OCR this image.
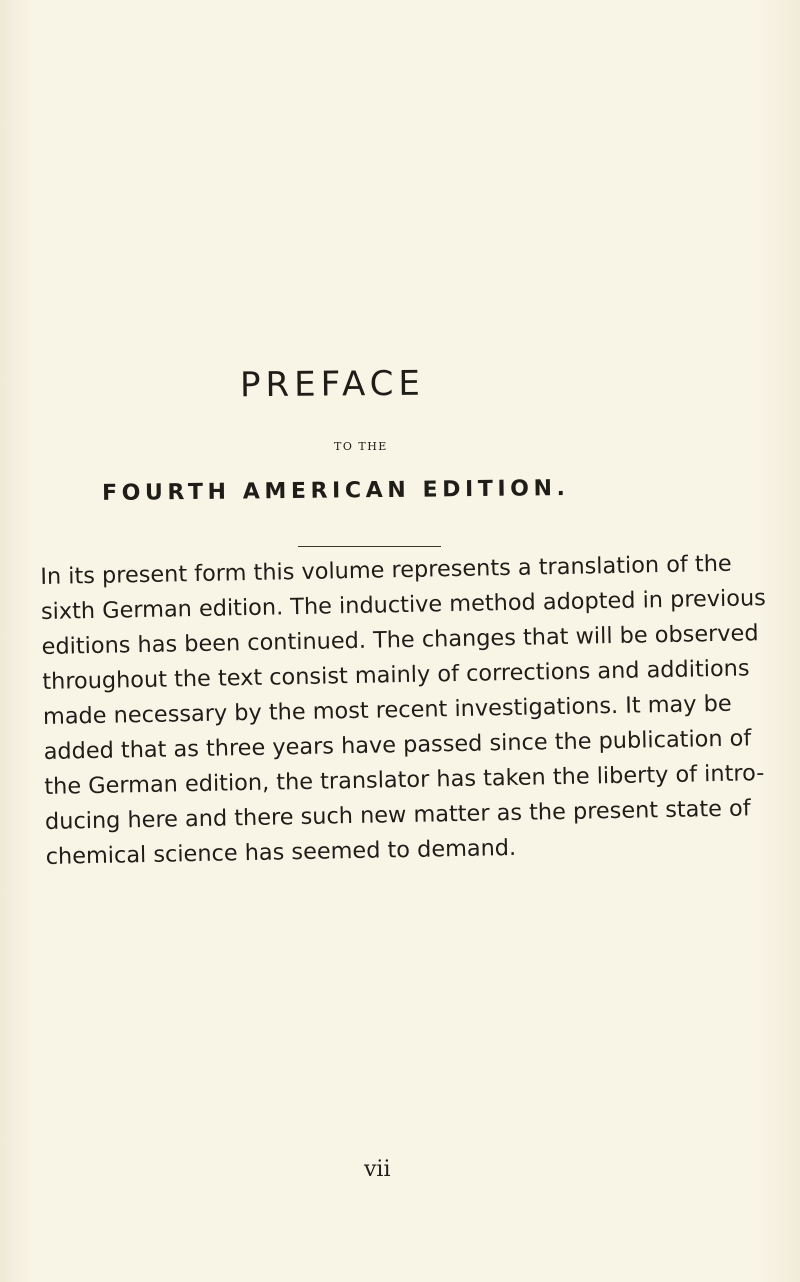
PREFACE

TO THE

FOURTH AMERICAN EDITION.
In its present form this volume represents a translation of the
sixth German edition. The inductive method adopted in previous
editions has been continued. The changes that will be observed
throughout the text consist mainly of corrections and additions
made necessary by the most recent investigations. It may be
added that as three years have passed since the publication of
the German edition, the translator has taken the liberty of intro-
ducing here and there such new matter as the present state of
chemical science has seemed to demand.

vii
